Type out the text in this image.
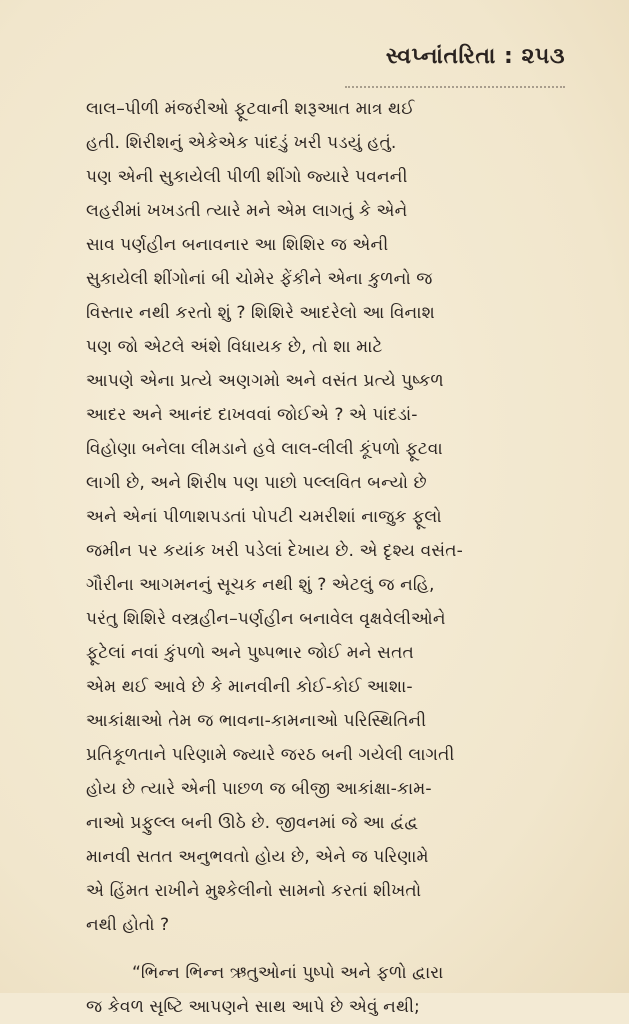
સ્વપ્નાંતરિતા : ૨૫૩
લાલ–પીળી મંજરીઓ ફૂટવાની શરૂઆત માત્ર થઈ
હતી. શિરીશનું એકેએક પાંદડું ખરી પડયું હતું.
પણ એની સુકાયેલી પીળી શીંગો જ્યારે પવનની
લહરીમાં ખખડતી ત્યારે મને એમ લાગતું કે એને
સાવ પર્ણહીન બનાવનાર આ શિશિર જ એની
સુકાયેલી શીંગોનાં બી ચોમેર ફેંકીને એના કુળનો જ
વિસ્તાર નથી કરતો શું ? શિશિરે આદરેલો આ વિનાશ
પણ જો એટલે અંશે વિધાયક છે, તો શા માટે
આપણે એના પ્રત્યે અણગમો અને વસંત પ્રત્યે પુષ્કળ
આદર અને આનંદ દાખવવાં જોઈએ ? એ પાંદડાં-
વિહોણા બનેલા લીમડાને હવે લાલ-લીલી કૂંપળો ફૂટવા
લાગી છે, અને શિરીષ પણ પાછો પલ્લવિત બન્યો છે
અને એનાં પીળાશપડતાં પોપટી ચમરીશાં નાજુક ફૂલો
જમીન પર કયાંક ખરી પડેલાં દેખાય છે. એ દૃશ્ય વસંત-
ગૌરીના આગમનનું સૂચક નથી શું ? એટલું જ નહિ,
પરંતુ શિશિરે વસ્ત્રહીન–પર્ણહીન બનાવેલ વૃક્ષવેલીઓને
ફૂટેલાં નવાં કુંપળો અને પુષ્પભાર જોઈ મને સતત
એમ થઈ આવે છે કે માનવીની કોઈ-કોઈ આશા-
આકાંક્ષાઓ તેમ જ ભાવના-કામનાઓ પરિસ્થિતિની
પ્રતિકૂળતાને પરિણામે જ્યારે જરઠ બની ગયેલી લાગતી
હોય છે ત્યારે એની પાછળ જ બીજી આકાંક્ષા-કામ-
નાઓ પ્રફુલ્લ બની ઊઠે છે. જીવનમાં જે આ દ્વંદ્વ
માનવી સતત અનુભવતો હોય છે, એને જ પરિણામે
એ હિંમત રાખીને મુશ્કેલીનો સામનો કરતાં શીખતો
નથી હોતો ?
“ભિન્ન ભિન્ન ઋતુઓનાં પુષ્પો અને ફળો દ્વારા
જ કેવળ સૃષ્ટિ આપણને સાથ આપે છે એવું નથી;
